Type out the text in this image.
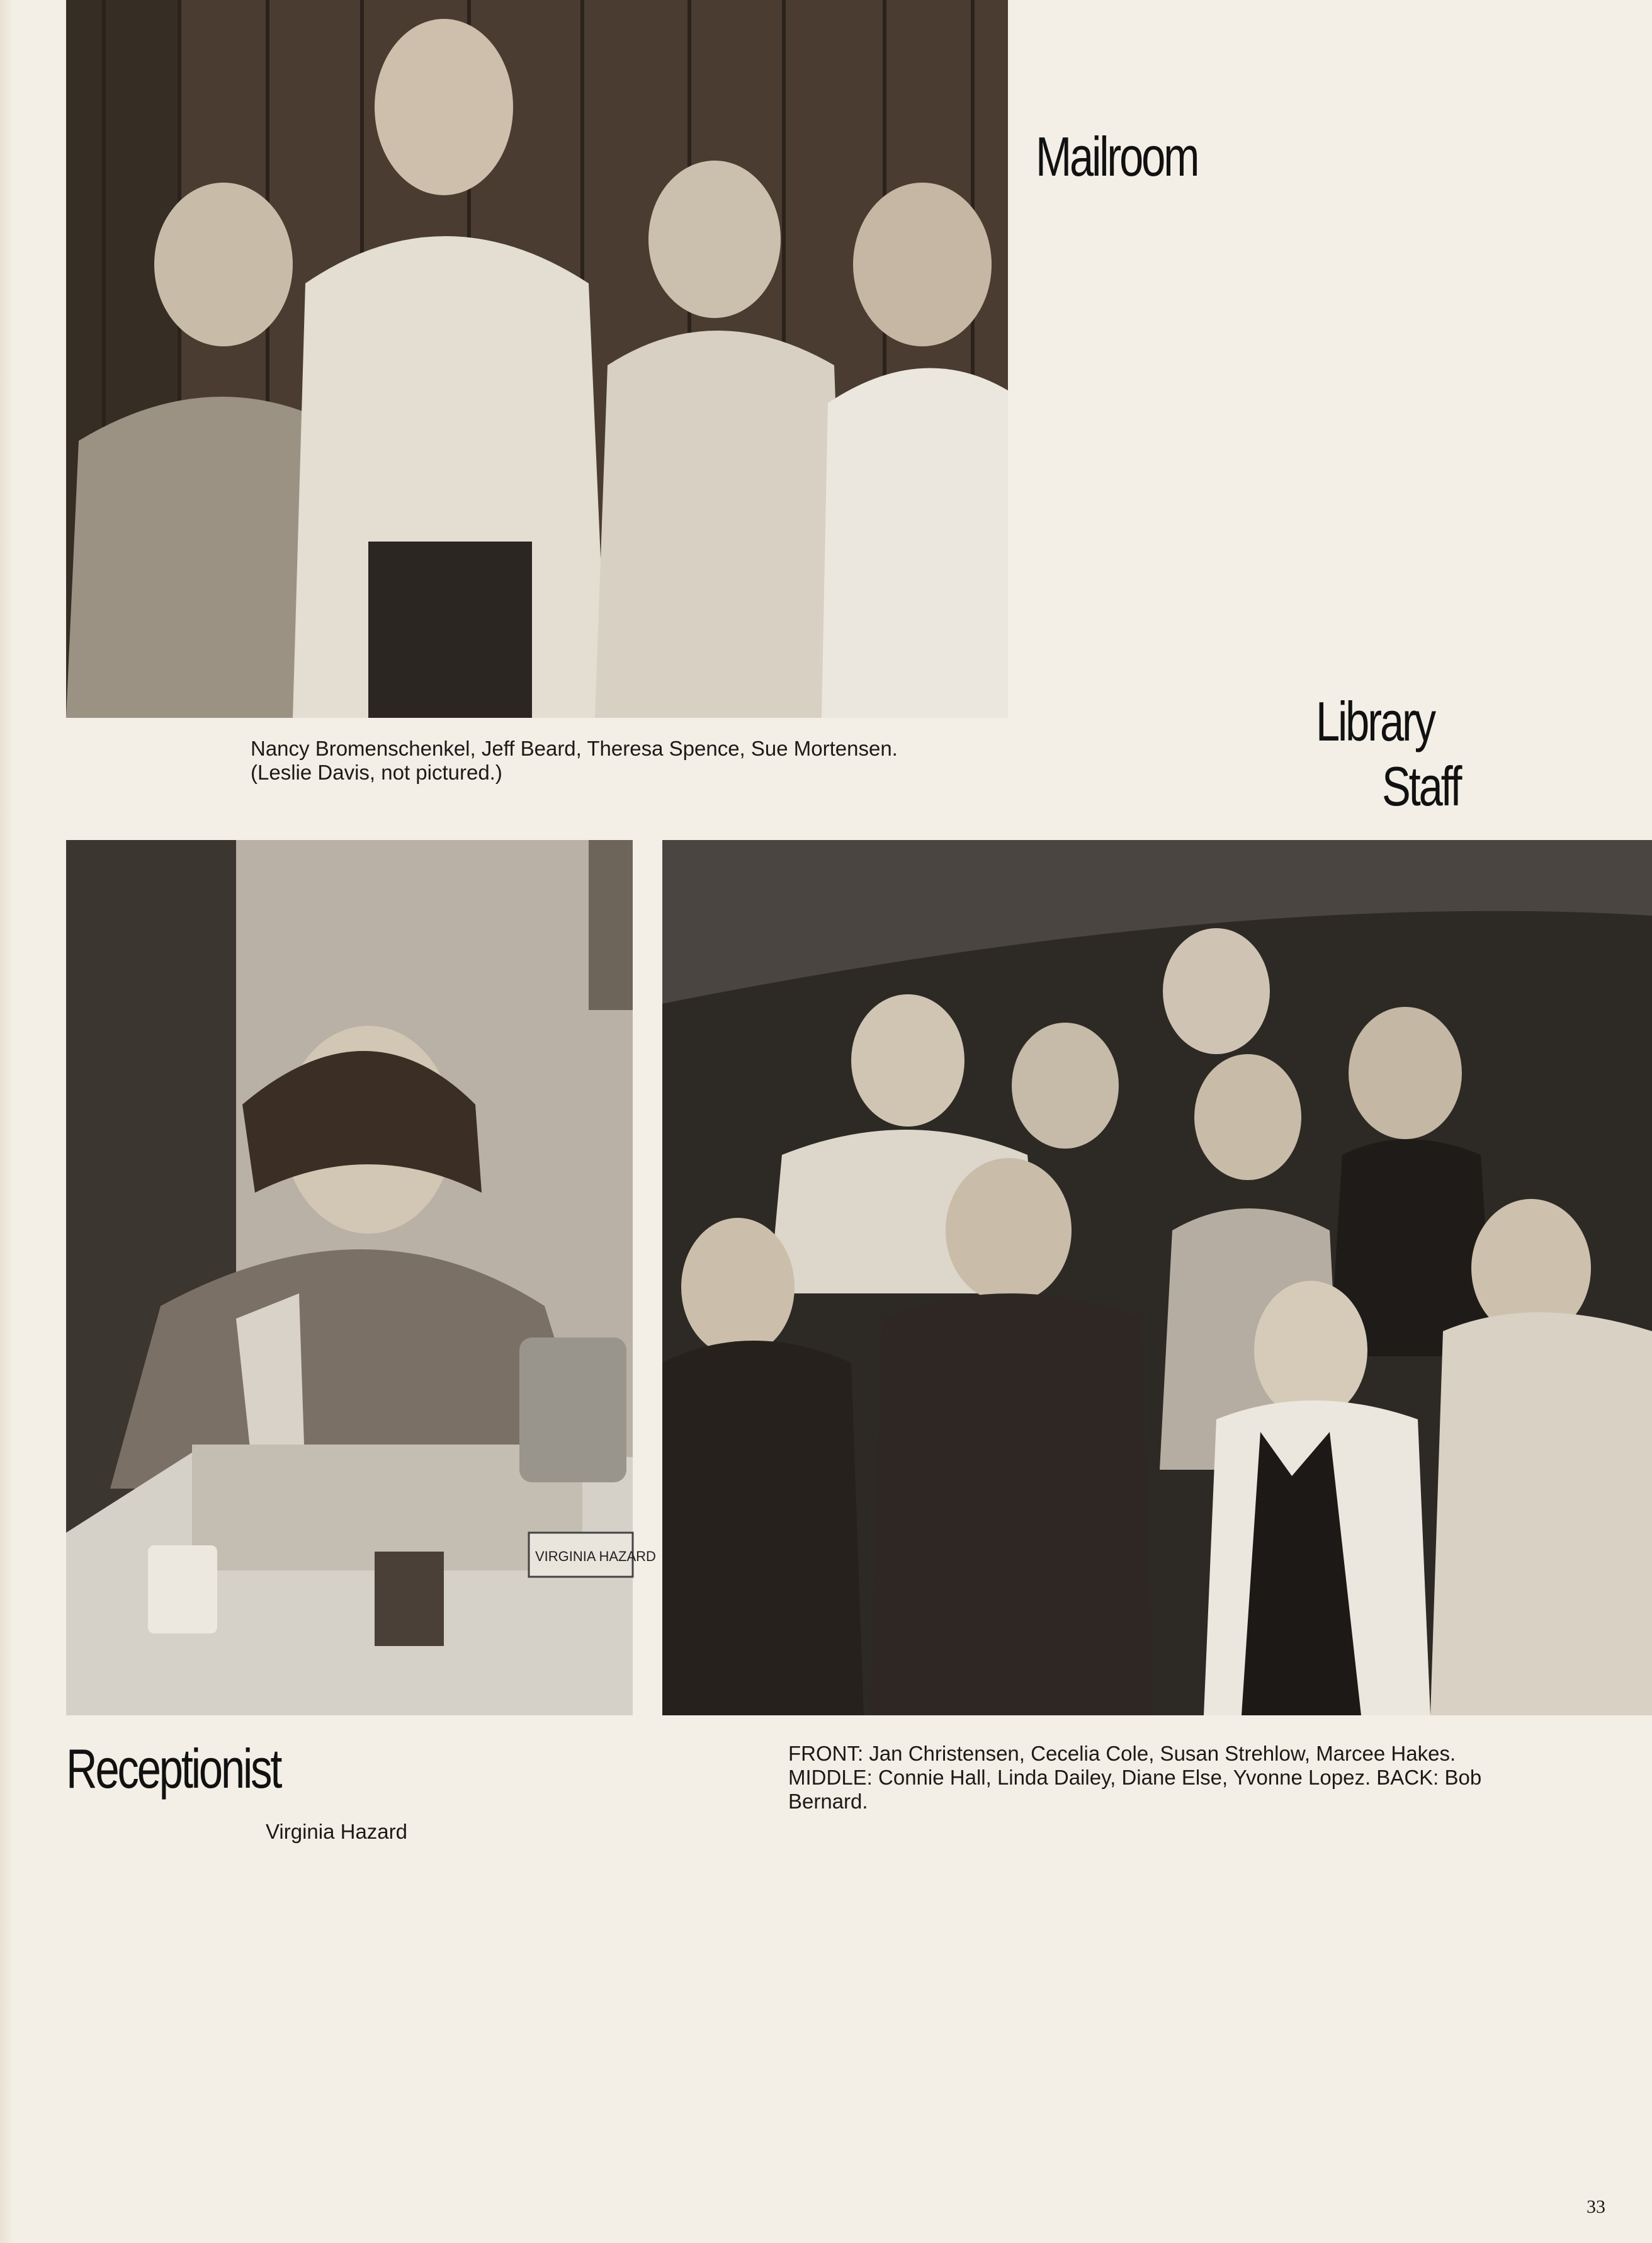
Mailroom
Nancy Bromenschenkel, Jeff Beard, Theresa Spence, Sue Mortensen.
(Leslie Davis, not pictured.)
Library
Staff
VIRGINIA HAZARD
Receptionist
Virginia Hazard
FRONT: Jan Christensen, Cecelia Cole, Susan Strehlow, Marcee Hakes.
MIDDLE: Connie Hall, Linda Dailey, Diane Else, Yvonne Lopez. BACK: Bob
Bernard.
33
